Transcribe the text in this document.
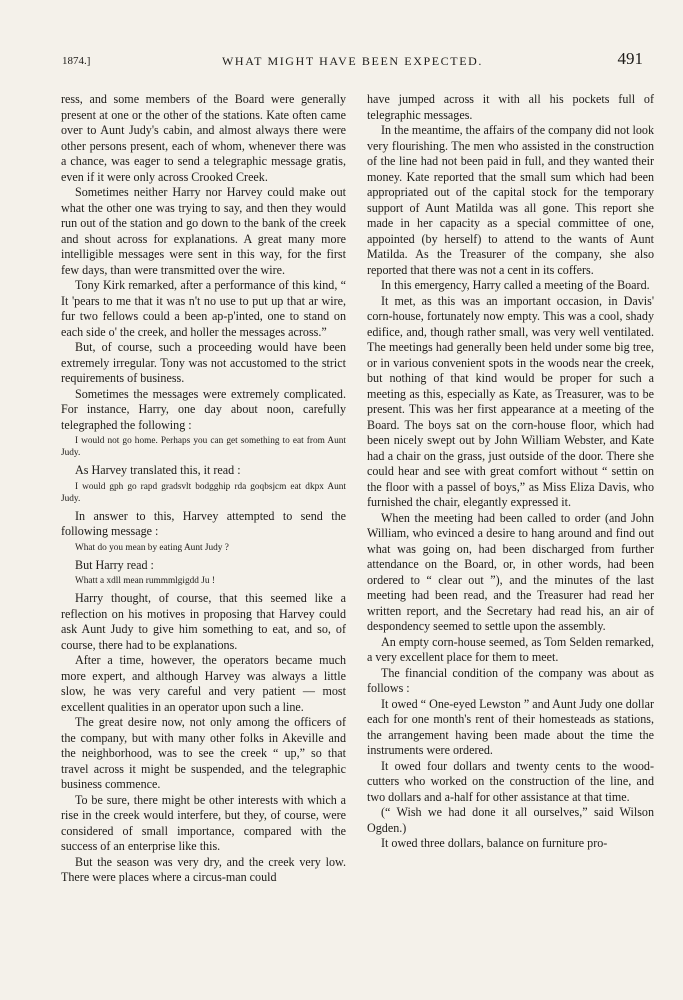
1874.]	WHAT MIGHT HAVE BEEN EXPECTED.	491

ress, and some members of the Board were generally present at one or the other of the stations. Kate often came over to Aunt Judy's cabin, and almost always there were other persons present, each of whom, whenever there was a chance, was eager to send a telegraphic message gratis, even if it were only across Crooked Creek.

Sometimes neither Harry nor Harvey could make out what the other one was trying to say, and then they would run out of the station and go down to the bank of the creek and shout across for explanations. A great many more intelligible messages were sent in this way, for the first few days, than were transmitted over the wire.

Tony Kirk remarked, after a performance of this kind, “ It 'pears to me that it was n't no use to put up that ar wire, fur two fellows could a been ap-p'inted, one to stand on each side o' the creek, and holler the messages across.”

But, of course, such a proceeding would have been extremely irregular. Tony was not accustomed to the strict requirements of business.

Sometimes the messages were extremely complicated. For instance, Harry, one day about noon, carefully telegraphed the following :

I would not go home. Perhaps you can get something to eat from Aunt Judy.

As Harvey translated this, it read :

I would gph go rapd gradsvlt bodgghip rda goqbsjcm eat dkpx Aunt Judy.

In answer to this, Harvey attempted to send the following message :

What do you mean by eating Aunt Judy ?

But Harry read :

Whatt a xdll mean rummmlgigdd Ju !

Harry thought, of course, that this seemed like a reflection on his motives in proposing that Harvey could ask Aunt Judy to give him something to eat, and so, of course, there had to be explanations.

After a time, however, the operators became much more expert, and although Harvey was always a little slow, he was very careful and very patient — most excellent qualities in an operator upon such a line.

The great desire now, not only among the officers of the company, but with many other folks in Akeville and the neighborhood, was to see the creek “ up,” so that travel across it might be suspended, and the telegraphic business commence.

To be sure, there might be other interests with which a rise in the creek would interfere, but they, of course, were considered of small importance, compared with the success of an enterprise like this.

But the season was very dry, and the creek very low. There were places where a circus-man could

have jumped across it with all his pockets full of telegraphic messages.

In the meantime, the affairs of the company did not look very flourishing. The men who assisted in the construction of the line had not been paid in full, and they wanted their money. Kate reported that the small sum which had been appropriated out of the capital stock for the temporary support of Aunt Matilda was all gone. This report she made in her capacity as a special committee of one, appointed (by herself) to attend to the wants of Aunt Matilda. As the Treasurer of the company, she also reported that there was not a cent in its coffers.

In this emergency, Harry called a meeting of the Board.

It met, as this was an important occasion, in Davis' corn-house, fortunately now empty. This was a cool, shady edifice, and, though rather small, was very well ventilated. The meetings had generally been held under some big tree, or in various convenient spots in the woods near the creek, but nothing of that kind would be proper for such a meeting as this, especially as Kate, as Treasurer, was to be present. This was her first appearance at a meeting of the Board. The boys sat on the corn-house floor, which had been nicely swept out by John William Webster, and Kate had a chair on the grass, just outside of the door. There she could hear and see with great comfort without “ settin on the floor with a passel of boys,” as Miss Eliza Davis, who furnished the chair, elegantly expressed it.

When the meeting had been called to order (and John William, who evinced a desire to hang around and find out what was going on, had been discharged from further attendance on the Board, or, in other words, had been ordered to “ clear out ”), and the minutes of the last meeting had been read, and the Treasurer had read her written report, and the Secretary had read his, an air of despondency seemed to settle upon the assembly.

An empty corn-house seemed, as Tom Selden remarked, a very excellent place for them to meet.

The financial condition of the company was about as follows :

It owed “ One-eyed Lewston ” and Aunt Judy one dollar each for one month's rent of their homesteads as stations, the arrangement having been made about the time the instruments were ordered.

It owed four dollars and twenty cents to the wood-cutters who worked on the construction of the line, and two dollars and a-half for other assistance at that time.

(“ Wish we had done it all ourselves,” said Wilson Ogden.)

It owed three dollars, balance on furniture pro-
